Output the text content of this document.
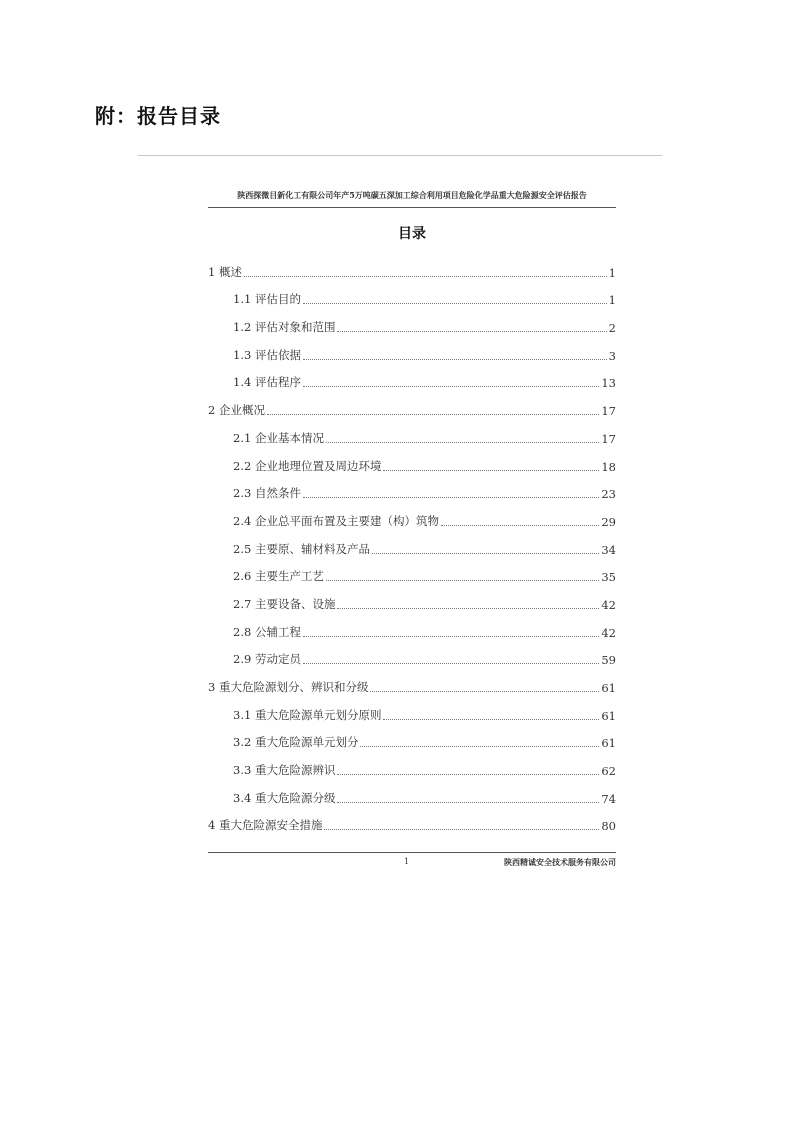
附：报告目录
陕西探微目新化工有限公司年产5万吨碳五深加工综合利用项目危险化学品重大危险源安全评估报告
目录
1 概述	1
1.1 评估目的	1
1.2 评估对象和范围	2
1.3 评估依据	3
1.4 评估程序	13
2 企业概况	17
2.1 企业基本情况	17
2.2 企业地理位置及周边环境	18
2.3 自然条件	23
2.4 企业总平面布置及主要建（构）筑物	29
2.5 主要原、辅材料及产品	34
2.6 主要生产工艺	35
2.7 主要设备、设施	42
2.8 公辅工程	42
2.9 劳动定员	59
3 重大危险源划分、辨识和分级	61
3.1 重大危险源单元划分原则	61
3.2 重大危险源单元划分	61
3.3 重大危险源辨识	62
3.4 重大危险源分级	74
4 重大危险源安全措施	80
1	陕西精诚安全技术服务有限公司
